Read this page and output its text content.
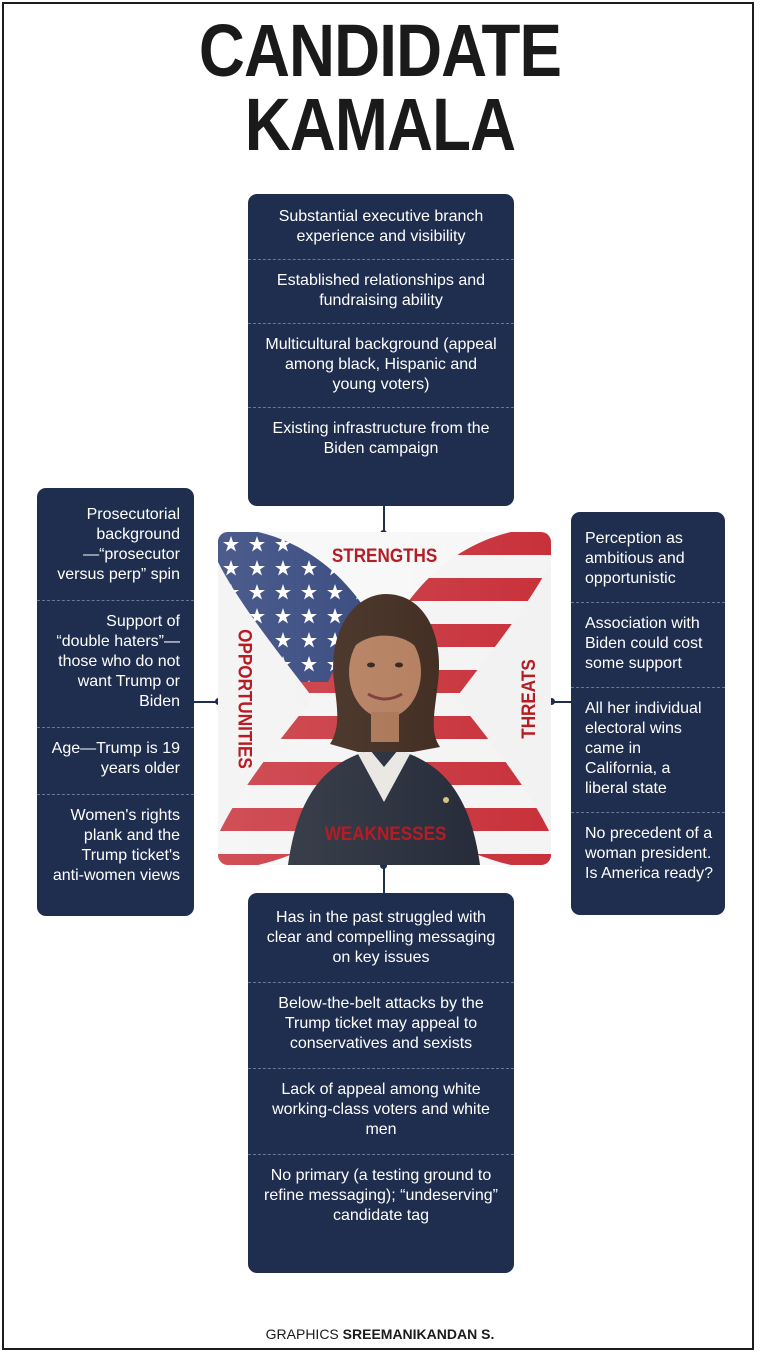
CANDIDATE
KAMALA
Substantial executive branch experience and visibility
Established relationships and fundraising ability
Multicultural background (appeal among black, Hispanic and young voters)
Existing infrastructure from the Biden campaign
Prosecutorial background—“prosecutor versus perp” spin
Support of “double haters”—those who do not want Trump or Biden
Age—Trump is 19 years older
Women's rights plank and the Trump ticket's anti-women views
Perception as ambitious and opportunistic
Association with Biden could cost some support
All her individual electoral wins came in California, a liberal state
No precedent of a woman president. Is America ready?
Has in the past struggled with clear and compelling messaging on key issues
Below-the-belt attacks by the Trump ticket may appeal to conservatives and sexists
Lack of appeal among white working-class voters and white men
No primary (a testing ground to refine messaging); “undeserving” candidate tag
STRENGTHS
WEAKNESSES
OPPORTUNITIES	THREATS
GRAPHICS SREEMANIKANDAN S.
